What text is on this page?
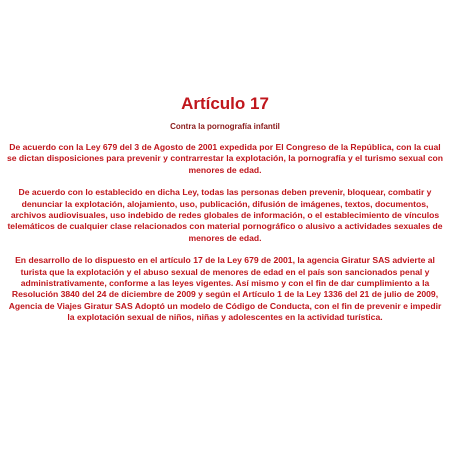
Artículo 17
Contra la pornografía infantil

De acuerdo con la Ley 679 del 3 de Agosto de 2001 expedida por El Congreso de la República, con la cual se dictan disposiciones para prevenir y contrarrestar la explotación, la pornografía y el turismo sexual con menores de edad.

De acuerdo con lo establecido en dicha Ley, todas las personas deben prevenir, bloquear, combatir y denunciar la explotación, alojamiento, uso, publicación, difusión de imágenes, textos, documentos, archivos audiovisuales, uso indebido de redes globales de información, o el establecimiento de vínculos telemáticos de cualquier clase relacionados con material pornográfico o alusivo a actividades sexuales de menores de edad.

En desarrollo de lo dispuesto en el artículo 17 de la Ley 679 de 2001, la agencia Giratur SAS advierte al turista que la explotación y el abuso sexual de menores de edad en el país son sancionados penal y administrativamente, conforme a las leyes vigentes. Así mismo y con el fin de dar cumplimiento a la Resolución 3840 del 24 de diciembre de 2009 y según el Artículo 1 de la Ley 1336 del 21 de julio de 2009, Agencia de Viajes Giratur SAS Adoptó un modelo de Código de Conducta, con el fin de prevenir e impedir la explotación sexual de niños, niñas y adolescentes en la actividad turística.
